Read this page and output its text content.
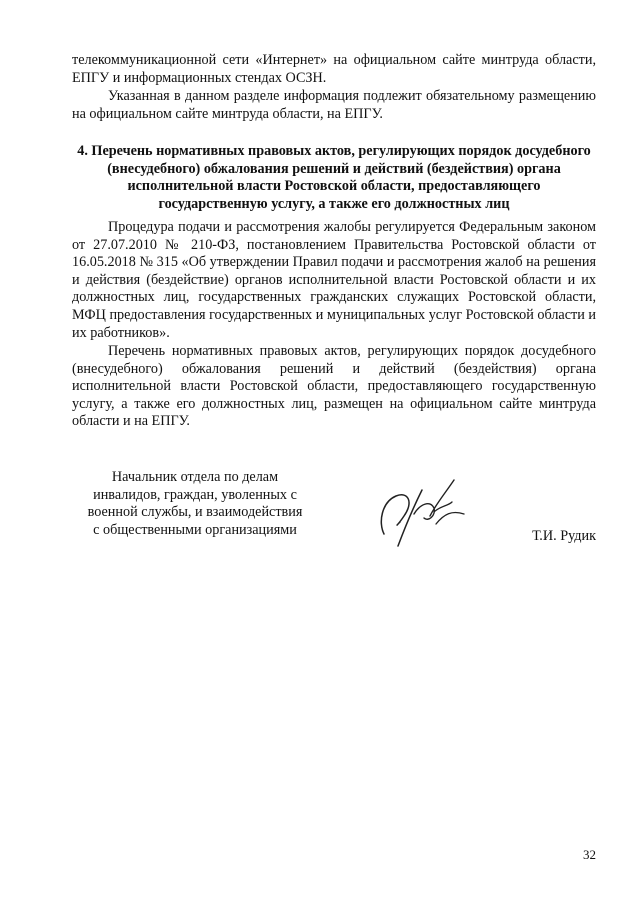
телекоммуникационной сети «Интернет» на официальном сайте минтруда области, ЕПГУ и информационных стендах ОСЗН.

Указанная в данном разделе информация подлежит обязательному размещению на официальном сайте минтруда области, на ЕПГУ.

4. Перечень нормативных правовых актов, регулирующих порядок досудебного (внесудебного) обжалования решений и действий (бездействия) органа исполнительной власти Ростовской области, предоставляющего государственную услугу, а также его должностных лиц

Процедура подачи и рассмотрения жалобы регулируется Федеральным законом от 27.07.2010 № 210-ФЗ, постановлением Правительства Ростовской области от 16.05.2018 № 315 «Об утверждении Правил подачи и рассмотрения жалоб на решения и действия (бездействие) органов исполнительной власти Ростовской области и их должностных лиц, государственных гражданских служащих Ростовской области, МФЦ предоставления государственных и муниципальных услуг Ростовской области и их работников».

Перечень нормативных правовых актов, регулирующих порядок досудебного (внесудебного) обжалования решений и действий (бездействия) органа исполнительной власти Ростовской области, предоставляющего государственную услугу, а также его должностных лиц, размещен на официальном сайте минтруда области и на ЕПГУ.

Начальник отдела по делам
инвалидов, граждан, уволенных с
военной службы, и взаимодействия
с общественными организациями	Т.И. Рудик
32
